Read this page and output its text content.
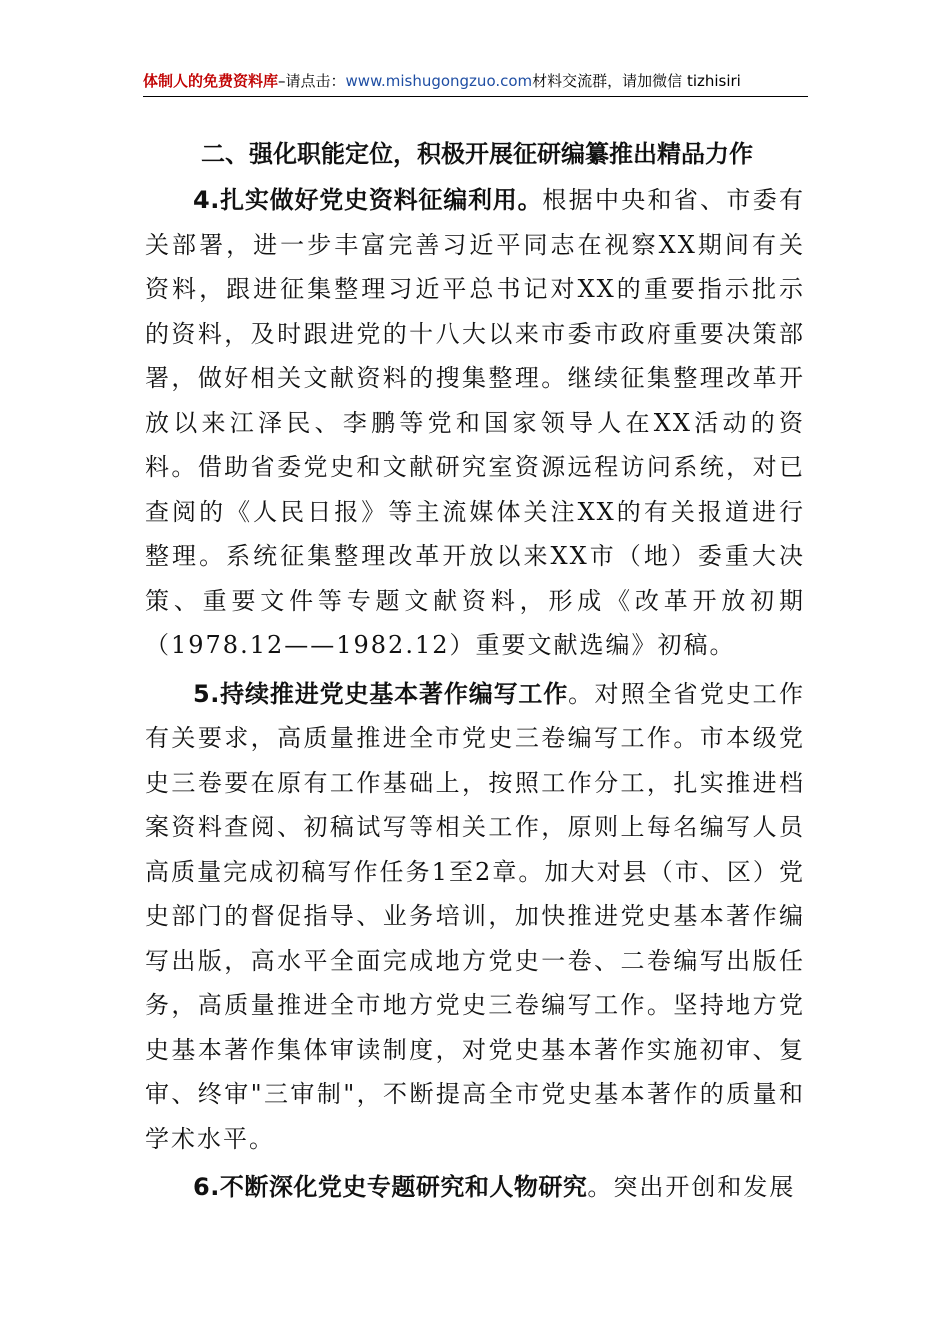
体制人的免费资料库–请点击：www.mishugongzuo.com材料交流群，请加微信 tizhisiri
二、强化职能定位，积极开展征研编纂推出精品力作

4.扎实做好党史资料征编利用。根据中央和省、市委有关部署，进一步丰富完善习近平同志在视察XX期间有关资料，跟进征集整理习近平总书记对XX的重要指示批示的资料，及时跟进党的十八大以来市委市政府重要决策部署，做好相关文献资料的搜集整理。继续征集整理改革开放以来江泽民、李鹏等党和国家领导人在XX活动的资料。借助省委党史和文献研究室资源远程访问系统，对已查阅的《人民日报》等主流媒体关注XX的有关报道进行整理。系统征集整理改革开放以来XX市（地）委重大决策、重要文件等专题文献资料，形成《改革开放初期（1978.12——1982.12）重要文献选编》初稿。

5.持续推进党史基本著作编写工作。对照全省党史工作有关要求，高质量推进全市党史三卷编写工作。市本级党史三卷要在原有工作基础上，按照工作分工，扎实推进档案资料查阅、初稿试写等相关工作，原则上每名编写人员高质量完成初稿写作任务1至2章。加大对县（市、区）党史部门的督促指导、业务培训，加快推进党史基本著作编写出版，高水平全面完成地方党史一卷、二卷编写出版任务，高质量推进全市地方党史三卷编写工作。坚持地方党史基本著作集体审读制度，对党史基本著作实施初审、复审、终审"三审制"，不断提高全市党史基本著作的质量和学术水平。

6.不断深化党史专题研究和人物研究。突出开创和发展
